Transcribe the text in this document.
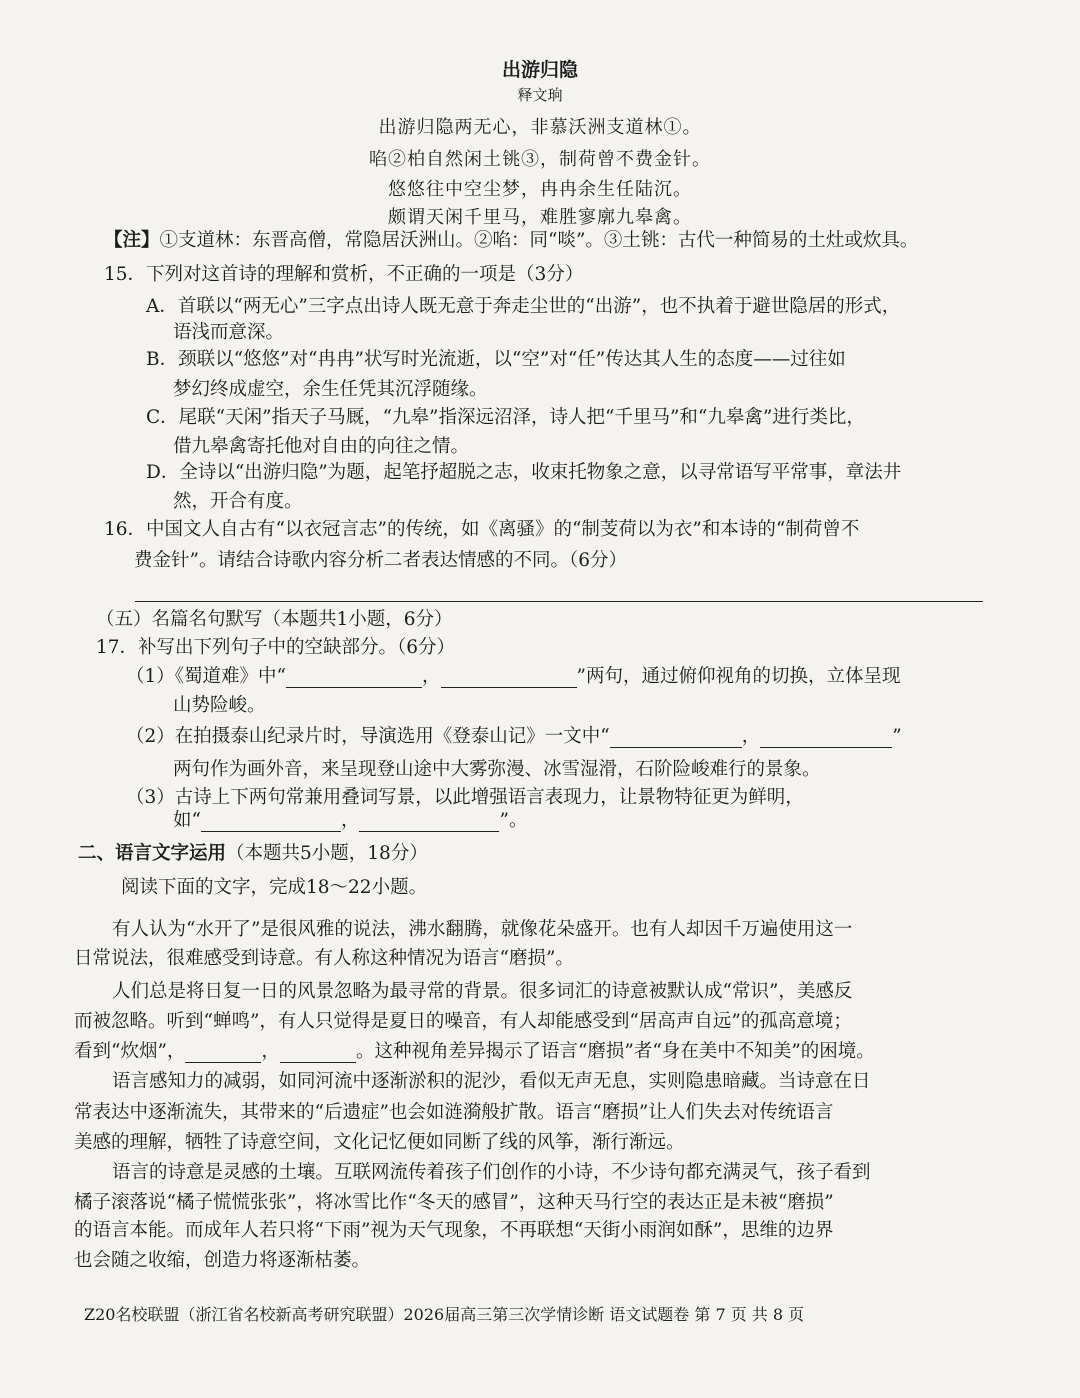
出游归隐
释文珦
出游归隐两无心，非慕沃洲支道林①。
啗②柏自然闲土铫③，制荷曾不费金针。
悠悠往中空尘梦，冉冉余生任陆沉。
颇谓天闲千里马，难胜寥廓九皋禽。
【注】①支道林：东晋高僧，常隐居沃洲山。②啗：同“啖”。③土铫：古代一种简易的土灶或炊具。
15．下列对这首诗的理解和赏析，不正确的一项是（3分）
A．首联以“两无心”三字点出诗人既无意于奔走尘世的“出游”，也不执着于避世隐居的形式，
语浅而意深。
B．颈联以“悠悠”对“冉冉”状写时光流逝，以“空”对“任”传达其人生的态度——过往如
梦幻终成虚空，余生任凭其沉浮随缘。
C．尾联“天闲”指天子马厩，“九皋”指深远沼泽，诗人把“千里马”和“九皋禽”进行类比，
借九皋禽寄托他对自由的向往之情。
D．全诗以“出游归隐”为题，起笔抒超脱之志，收束托物象之意，以寻常语写平常事，章法井
然，开合有度。
16．中国文人自古有“以衣冠言志”的传统，如《离骚》的“制芰荷以为衣”和本诗的“制荷曾不
费金针”。请结合诗歌内容分析二者表达情感的不同。（6分）
（五）名篇名句默写（本题共1小题，6分）
17．补写出下列句子中的空缺部分。（6分）
（1）《蜀道难》中“	，	”两句，通过俯仰视角的切换，立体呈现
山势险峻。
（2）在拍摄泰山纪录片时，导演选用《登泰山记》一文中“	，	”
两句作为画外音，来呈现登山途中大雾弥漫、冰雪湿滑，石阶险峻难行的景象。
（3）古诗上下两句常兼用叠词写景，以此增强语言表现力，让景物特征更为鲜明，
如“	，	”。
二、语言文字运用（本题共5小题，18分）
阅读下面的文字，完成18～22小题。
有人认为“水开了”是很风雅的说法，沸水翻腾，就像花朵盛开。也有人却因千万遍使用这一
日常说法，很难感受到诗意。有人称这种情况为语言“磨损”。
人们总是将日复一日的风景忽略为最寻常的背景。很多词汇的诗意被默认成“常识”，美感反
而被忽略。听到“蝉鸣”，有人只觉得是夏日的噪音，有人却能感受到“居高声自远”的孤高意境；
看到“炊烟”，	，	。这种视角差异揭示了语言“磨损”者“身在美中不知美”的困境。
语言感知力的减弱，如同河流中逐渐淤积的泥沙，看似无声无息，实则隐患暗藏。当诗意在日
常表达中逐渐流失，其带来的“后遗症”也会如涟漪般扩散。语言“磨损”让人们失去对传统语言
美感的理解，牺牲了诗意空间，文化记忆便如同断了线的风筝，渐行渐远。
语言的诗意是灵感的土壤。互联网流传着孩子们创作的小诗，不少诗句都充满灵气，孩子看到
橘子滚落说“橘子慌慌张张”，将冰雪比作“冬天的感冒”，这种天马行空的表达正是未被“磨损”
的语言本能。而成年人若只将“下雨”视为天气现象，不再联想“天街小雨润如酥”，思维的边界
也会随之收缩，创造力将逐渐枯萎。
Z20名校联盟（浙江省名校新高考研究联盟）2026届高三第三次学情诊断 语文试题卷 第 7 页 共 8 页
